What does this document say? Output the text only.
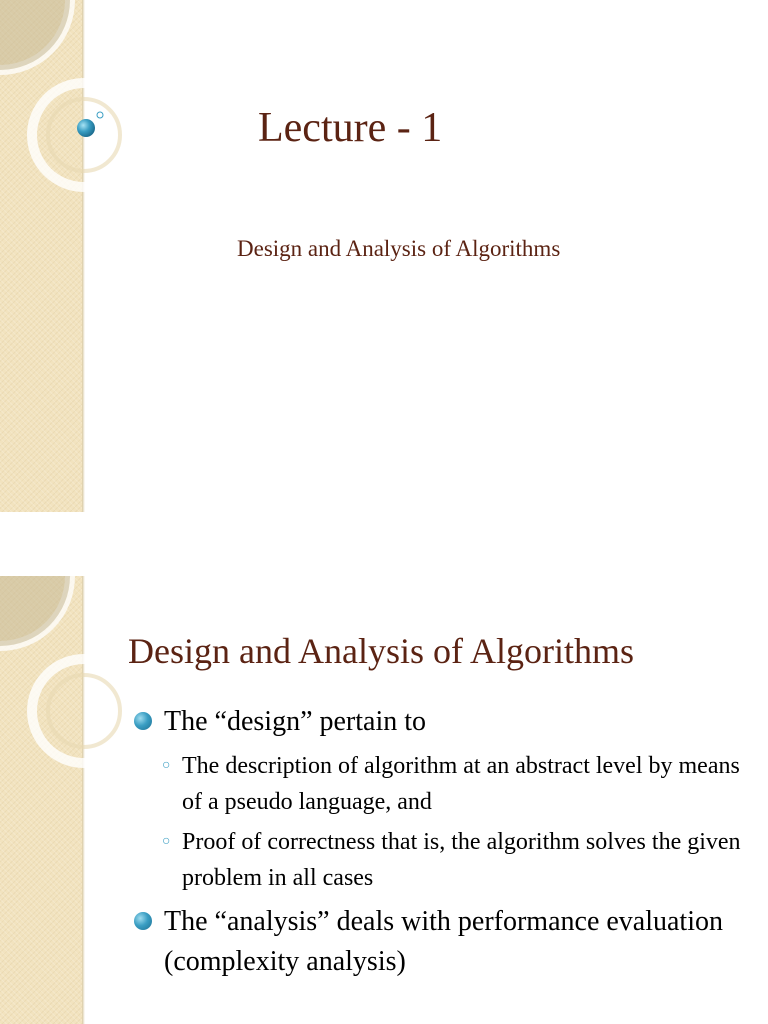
Lecture - 1
Design and Analysis of Algorithms
Design and Analysis of Algorithms
The “design” pertain to
○ The description of algorithm at an abstract level by means of a pseudo language, and
○ Proof of correctness that is, the algorithm solves the given problem in all cases
The “analysis” deals with performance evaluation (complexity analysis)
